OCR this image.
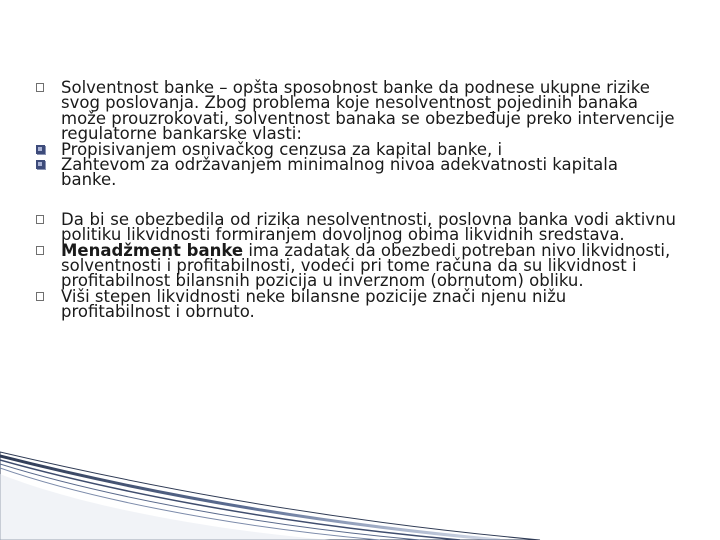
Solventnost banke – opšta sposobnost banke da podnese ukupne rizike svog poslovanja. Zbog problema koje nesolventnost pojedinih banaka može prouzrokovati, solventnost banaka se obezbeđuje preko intervencije regulatorne bankarske vlasti:
Propisivanjem osnivačkog cenzusa za kapital banke, i
Zahtevom za održavanjem minimalnog nivoa adekvatnosti kapitala banke.
Da bi se obezbedila od rizika nesolventnosti, poslovna banka vodi aktivnu politiku likvidnosti formiranjem dovoljnog obima likvidnih sredstava.
Menadžment banke ima zadatak da obezbedi potreban nivo likvidnosti, solventnosti i profitabilnosti, vodeći pri tome računa da su likvidnost i profitabilnost bilansnih pozicija u inverznom (obrnutom) obliku.
Viši stepen likvidnosti neke bilansne pozicije znači njenu nižu profitabilnost i obrnuto.
